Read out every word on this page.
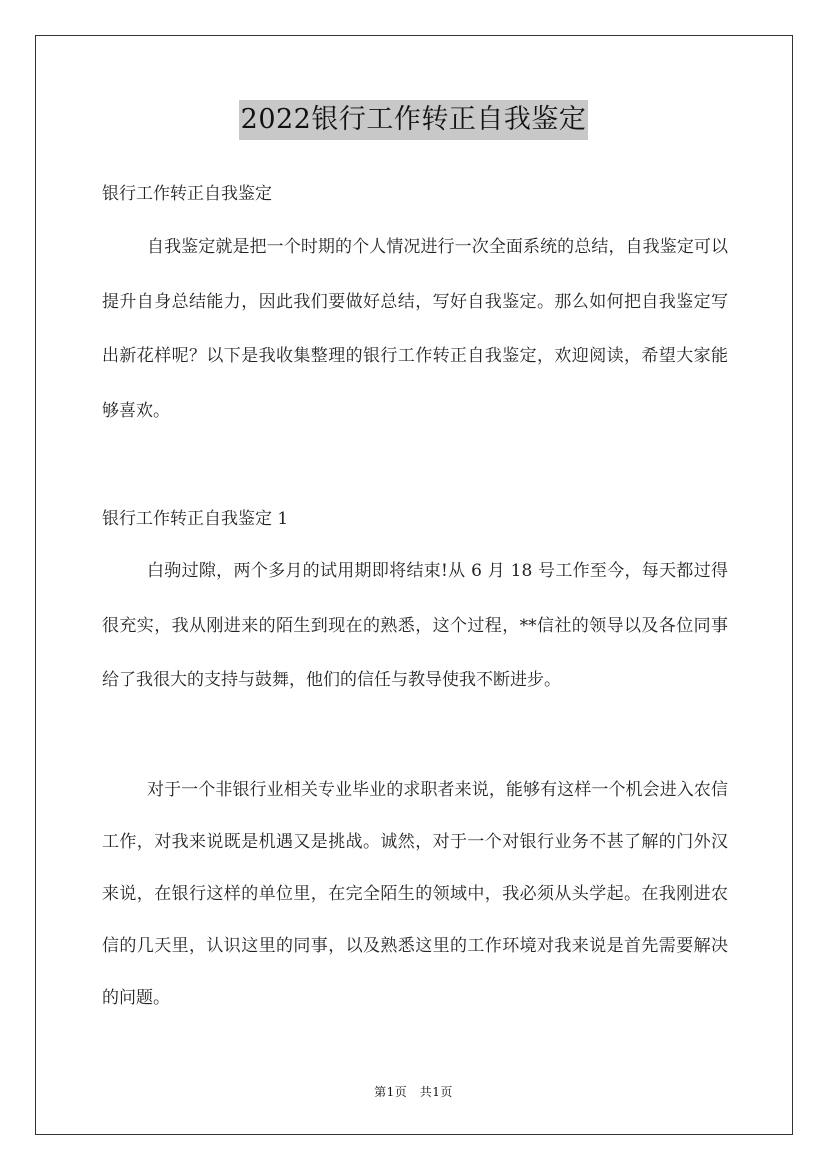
2022银行工作转正自我鉴定
银行工作转正自我鉴定
自我鉴定就是把一个时期的个人情况进行一次全面系统的总结，自我鉴定可以提升自身总结能力，因此我们要做好总结，写好自我鉴定。那么如何把自我鉴定写出新花样呢？以下是我收集整理的银行工作转正自我鉴定，欢迎阅读，希望大家能够喜欢。
银行工作转正自我鉴定 1
白驹过隙，两个多月的试用期即将结束!从 6 月 18 号工作至今，每天都过得很充实，我从刚进来的陌生到现在的熟悉，这个过程，**信社的领导以及各位同事给了我很大的支持与鼓舞，他们的信任与教导使我不断进步。
对于一个非银行业相关专业毕业的求职者来说，能够有这样一个机会进入农信工作，对我来说既是机遇又是挑战。诚然，对于一个对银行业务不甚了解的门外汉来说，在银行这样的单位里，在完全陌生的领域中，我必须从头学起。在我刚进农信的几天里，认识这里的同事，以及熟悉这里的工作环境对我来说是首先需要解决的问题。
第1页　共1页
